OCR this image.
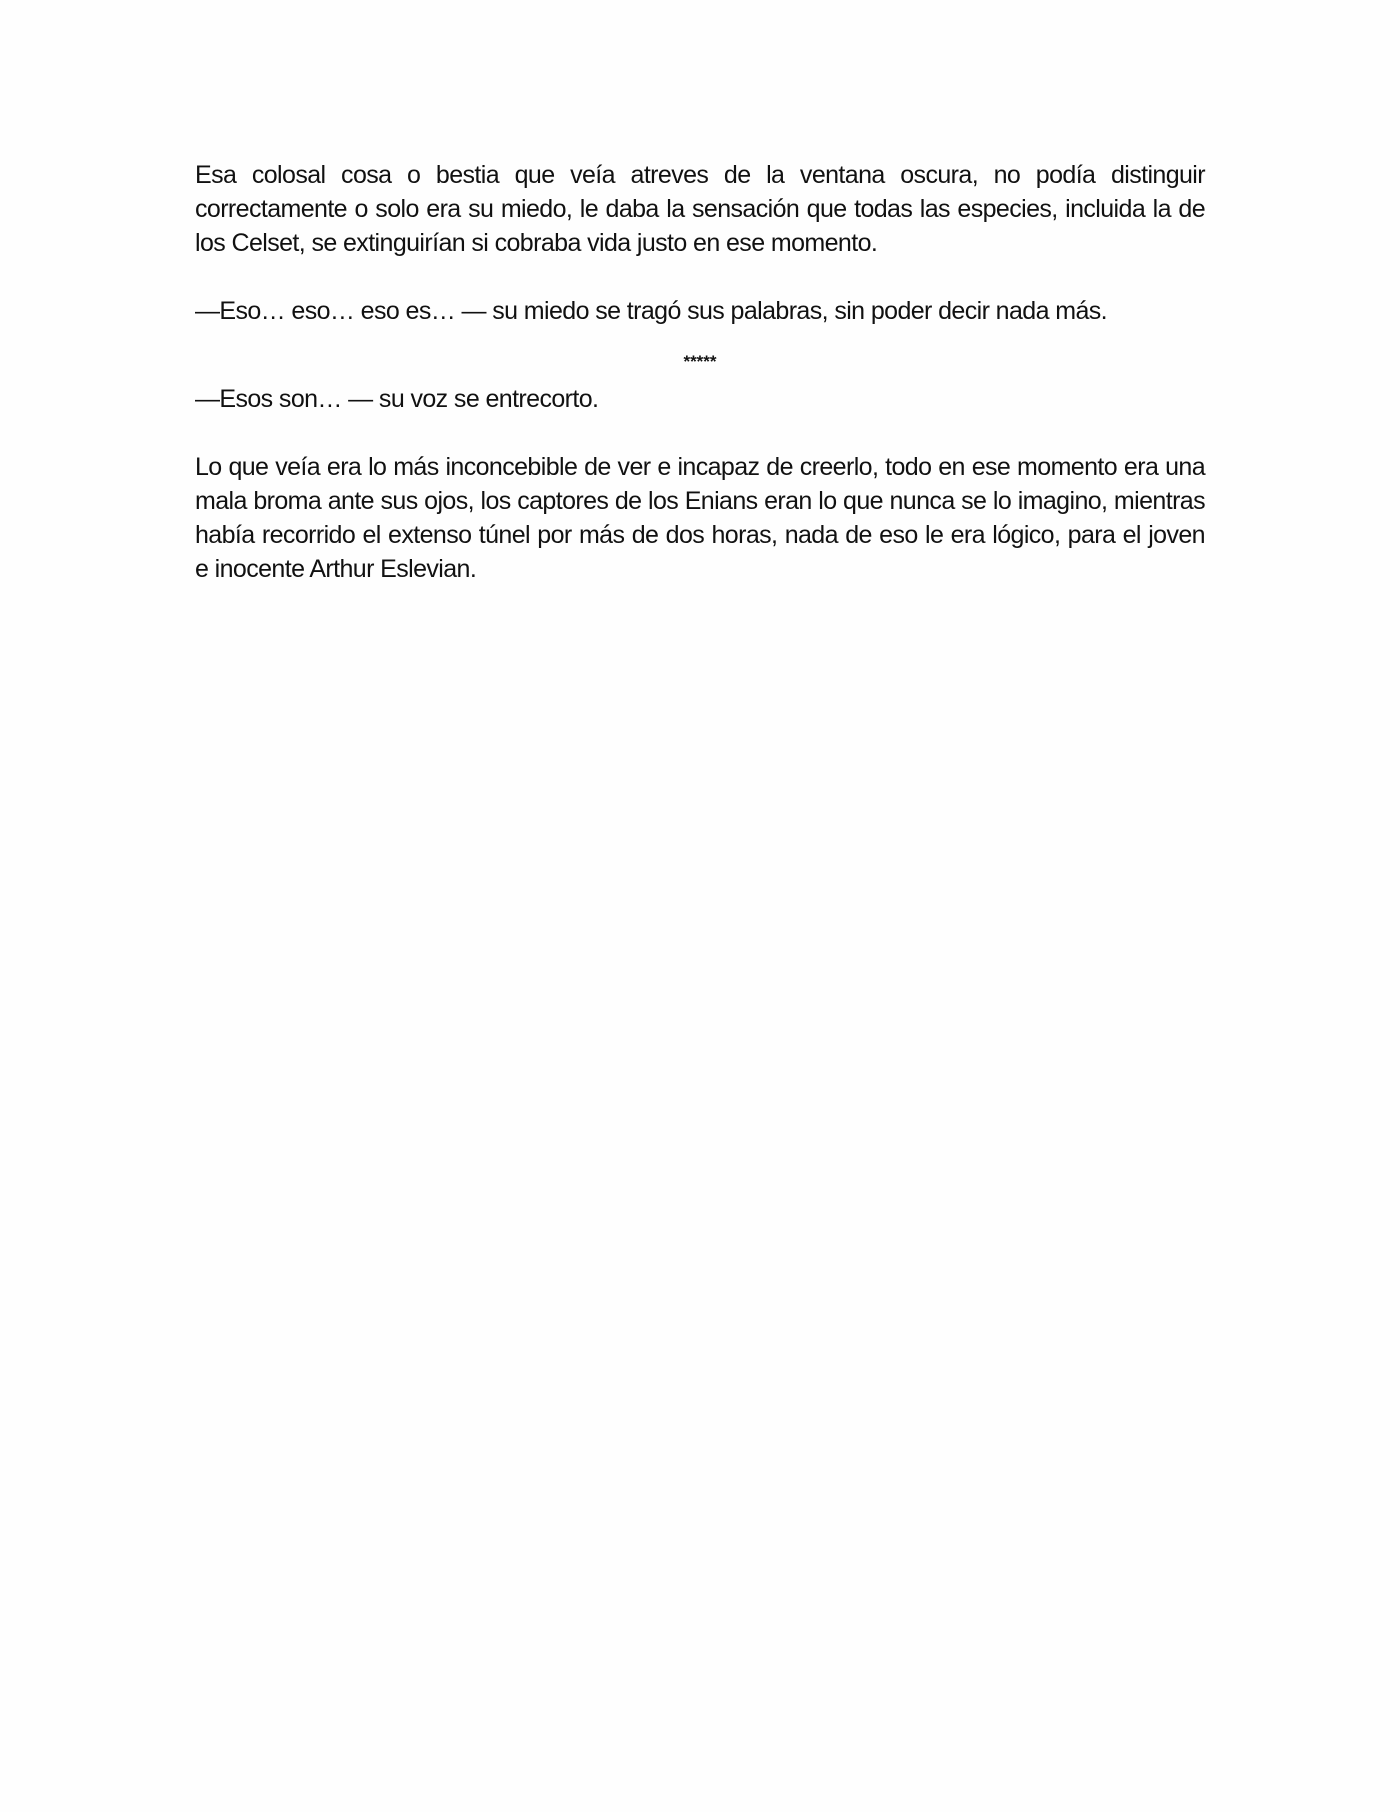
Esa colosal cosa o bestia que veía atreves de la ventana oscura, no podía distinguir correctamente o solo era su miedo, le daba la sensación que todas las especies, incluida la de los Celset, se extinguirían si cobraba vida justo en ese momento.

—Eso… eso… eso es… — su miedo se tragó sus palabras, sin poder decir nada más.

*****

—Esos son… — su voz se entrecorto.

Lo que veía era lo más inconcebible de ver e incapaz de creerlo, todo en ese momento era una mala broma ante sus ojos, los captores de los Enians eran lo que nunca se lo imagino, mientras había recorrido el extenso túnel por más de dos horas, nada de eso le era lógico, para el joven e inocente Arthur Eslevian.
